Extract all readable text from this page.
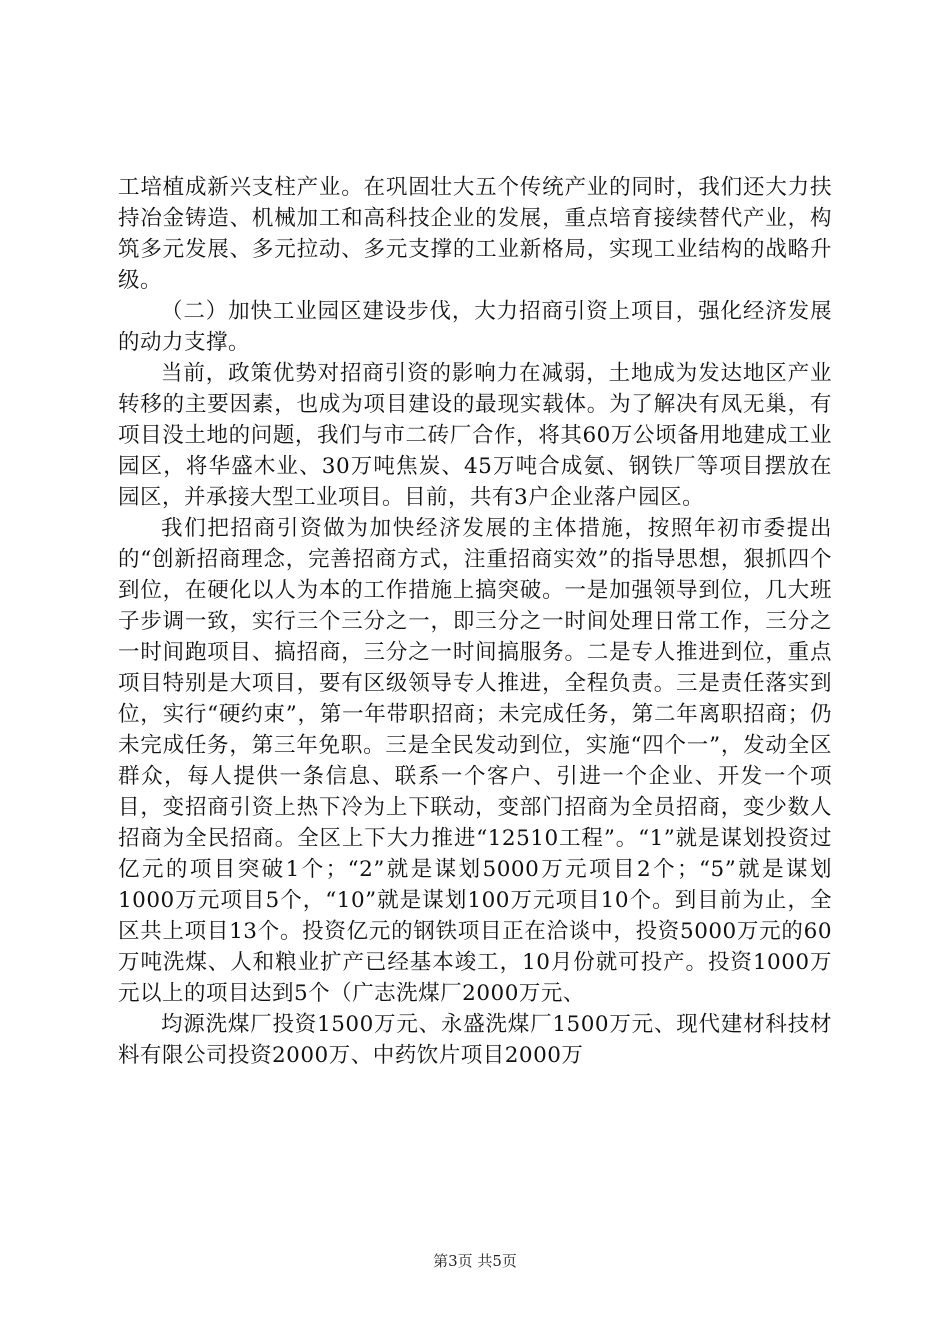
工培植成新兴支柱产业。在巩固壮大五个传统产业的同时，我们还大力扶持冶金铸造、机械加工和高科技企业的发展，重点培育接续替代产业，构筑多元发展、多元拉动、多元支撑的工业新格局，实现工业结构的战略升级。

（二）加快工业园区建设步伐，大力招商引资上项目，强化经济发展的动力支撑。

当前，政策优势对招商引资的影响力在减弱，土地成为发达地区产业转移的主要因素，也成为项目建设的最现实载体。为了解决有凤无巢，有项目没土地的问题，我们与市二砖厂合作，将其60万公顷备用地建成工业园区，将华盛木业、30万吨焦炭、45万吨合成氨、钢铁厂等项目摆放在园区，并承接大型工业项目。目前，共有3户企业落户园区。

我们把招商引资做为加快经济发展的主体措施，按照年初市委提出的“创新招商理念，完善招商方式，注重招商实效”的指导思想，狠抓四个到位，在硬化以人为本的工作措施上搞突破。一是加强领导到位，几大班子步调一致，实行三个三分之一，即三分之一时间处理日常工作，三分之一时间跑项目、搞招商，三分之一时间搞服务。二是专人推进到位，重点项目特别是大项目，要有区级领导专人推进，全程负责。三是责任落实到位，实行“硬约束”，第一年带职招商；未完成任务，第二年离职招商；仍未完成任务，第三年免职。三是全民发动到位，实施“四个一”，发动全区群众，每人提供一条信息、联系一个客户、引进一个企业、开发一个项目，变招商引资上热下冷为上下联动，变部门招商为全员招商，变少数人招商为全民招商。全区上下大力推进“12510工程”。“1”就是谋划投资过亿元的项目突破1个；“2”就是谋划5000万元项目2个；“5”就是谋划1000万元项目5个，“10”就是谋划100万元项目10个。到目前为止，全区共上项目13个。投资亿元的钢铁项目正在洽谈中，投资5000万元的60万吨洗煤、人和粮业扩产已经基本竣工，10月份就可投产。投资1000万元以上的项目达到5个（广志洗煤厂2000万元、

均源洗煤厂投资1500万元、永盛洗煤厂1500万元、现代建材科技材料有限公司投资2000万、中药饮片项目2000万

第3页 共5页
